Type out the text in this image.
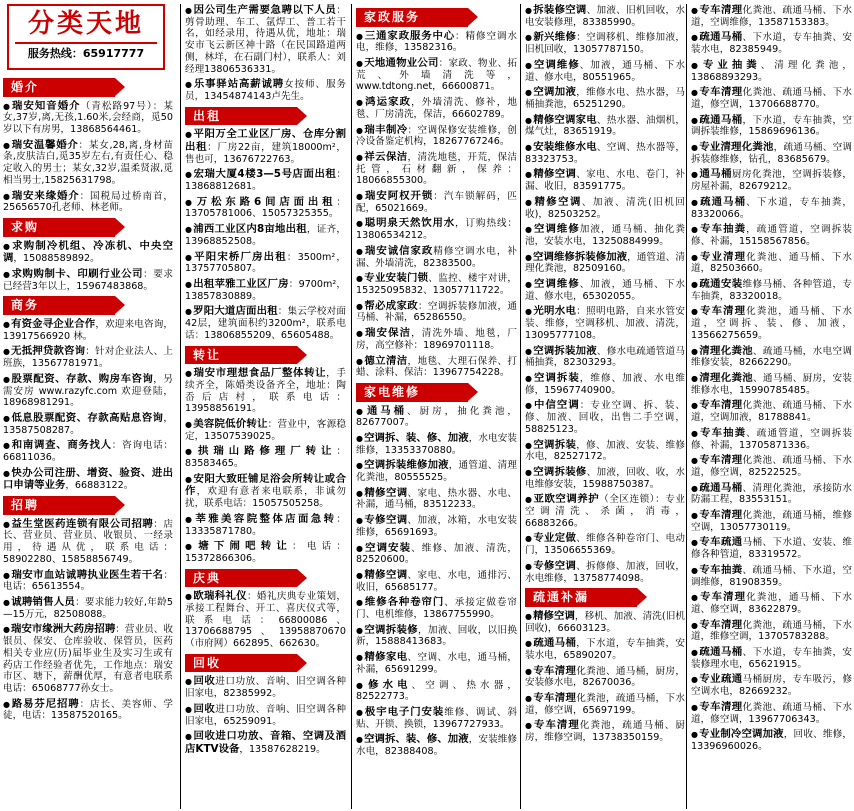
分类天地
服务热线：65917777
婚介
● 瑞安知音婚介（青松路97号）：某女,37岁,离,无孩,1.60米,会经商，觅50岁以下有房男，13868564461。
● 瑞安温馨婚介：某女,28,离,身材苗条,皮肤洁白,觅35岁左右,有责任心、稳定收入的男士；某女,32岁,温柔贤淑,觅相当男士,15825631798。
● 瑞安来缘婚介：国税局过桥南首，25656570孔老师、林老师。
求购
● 求购制冷机组、冷冻机、中央空调，15088589892。
● 求购购制卡、印刷行业公司：要求已经营3年以上，15967483868。
商务
● 有资金寻企业合作，欢迎来电咨询，13917566920 林。
● 无抵押贷款咨询：针对企业法人、上班族，13567781971。
● 股票配资、存款、购房车咨询，另需安房 www.razyfc.com 欢迎登陆，18968981291。
● 低息股票配资、存款高贴息咨询，13587508287。
● 和南调查、商务找人：咨询电话：66811036。
● 快办公司注册、增资、验资、进出口申请等业务，66883122。
招聘
● 益生堂医药连锁有限公司招聘：店长、营业员、营业员、收银员、一经录用，待遇从优，联系电话：58902280、15858856749。
● 瑞安市血站诚聘执业医生若干名：电话：65613554。
● 诚聘销售人员：要求能力较好,年龄5—15万元，82508088。
● 瑞安市缘洲大药房招聘：营业员、收银员、保安、仓库验收、保管员，医药相关专业应(历)届毕业生及实习生或有药店工作经验者优先，工作地点：瑞安市区、塘下，薪酬优厚，有意者电联系电话：65068777孙女士。
● 路易芬尼招聘：店长、美容师、学徒，电话：13587520165。
● 因公司生产需要急聘以下人员：剪骨助理、车工、氩焊工、普工若干名，如经录用，待遇从优，地址：瑞安市飞云新区神十路（在民国路道两侧，林垟，在石副门村），联系人：刘经理13806536331。
● 乐事驿站高薪诚聘女按师、服务员，13454874143卢先生。
出租
● 平阳万全工业区厂房、仓库分割出租：厂房22亩，建筑18000m²，售也可，13676722763。
● 宏瑞大厦4楼3—5号店面出租：13868812681。
● 万松东路6间店面出租：13705781006、15057325355。
● 浦西工业区内8亩地出租，证齐，13968852508。
● 平阳宋桥厂房出租：3500m²，13757705807。
● 出租苹雅工业区厂房：9700m²，13857830889。
● 罗阳大道店面出租：集云学校对面42层，建筑面积约3200m²，联系电话：13806855209、65605488。
转让
● 瑞安市理想食品厂整体转让，手续齐全，陈婚类设备齐全，地址：陶岙后店村，联系电话：13958856191。
● 美容院低价转让：营业中，客源稳定，13507539025。
● 拱瑞山路修理厂转让：83583465。
● 安阳大致旺铺足浴会所转让或合作，欢迎有意者来电联系，非诚勿扰，联系电话：15057505258。
● 莘雅美容院整体店面急转：13335871780。
● 塘下闹吧转让：电话：15372866306。
庆典
● 欧瑞科礼仪：婚礼庆典专业策划，承接工程舞台、开工、喜庆仪式等，联系电话：66800086、13706688795、13958870670（市府网）662895、662630。
回收
● 回收进口功放、音响、旧空调各种旧家电，82385992。
● 回收进口功放、音响、旧空调各种旧家电，65259091。
● 回收进口功放、音箱、空调及酒店KTV设备，13587628219。
家政服务
● 三通家政服务中心：精修空调水电，维修，13582316。
● 天地通物业公司：家政、物业、拓荒、外墙清洗等，www.tdtong.net，66600871。
● 鸿运家政，外墙清洗、修补，地毯、厂房清洗，保洁，66602789。
● 瑞丰制冷：空调保修安装维修，创冷设备鉴定机构，18267767246。
● 祥云保洁，清洗地毯，开荒，保洁托管，石材翻新，保养：18066855300。
● 瑞安阿权开锁：汽车锁解码，匹配，65021669。
● 聪明泉天然饮用水，订购热线：13806534212。
● 瑞安诚信家政精修空调水电，补漏、外墙清洗，82383500。
● 专业安装门锁、监控、楼宇对讲，15325095832、13057711722。
● 帮必成家政：空调拆装修加液，通马桶、补漏，65286550。
● 瑞安保洁，清洗外墙、地毯，厂房，高空修补：18969701118。
● 德立清洁，地毯、大理石保养、打蜡、涂料、保洁：13967754228。
家电维修
● 通马桶、厨房，抽化粪池，82677007。
● 空调拆、装、修、加液，水电安装维修，13353370880。
● 空调拆装维修加液，通管道、清理化粪池，80555525。
● 精修空调、家电、热水器、水电、补漏，通马桶，83512233。
● 专修空调、加液，冰箱，水电安装维修，65691693。
● 空调安装、维修、加液、清洗，82520600。
● 精修空调、家电、水电，通排污、收旧，65685177。
● 维修各种卷帘门、承接定做卷帘门、电机维修，13867755990。
● 空调拆装修，加液、回收，以旧换新，15888413683。
● 精修家电、空调、水电，通马桶，补漏，65691299。
● 修水电、空调、热水器，82522773。
● 极宇电子门安装维修、调试、斜贴、开锁、换锁，13967727933。
● 空调拆、装、修、加液，安装维修水电，82388408。
● 拆装修空调、加液、旧机回收，水电安装修理，83385990。
● 新兴维修：空调移机、维修加液，旧机回收，13057787150。
● 空调维修、加液，通马桶、下水道、修水电，80551965。
● 空调加液，维修水电、热水器，马桶抽粪池，65251290。
● 精修空调家电、热水器、油烟机，煤气灶，83651919。
● 安装维修水电、空调、热水器等，83323753。
● 精修空调、家电、水电、卷门，补漏、收旧，83591775。
● 精修空调、加液、清洗(旧机回收)，82503252。
● 空调维修加液，通马桶、抽化粪池，安装水电，13250884999。
● 空调维修拆装修加液，通管道、清理化粪池，82509160。
● 空调维修、加液，通马桶、下水道、修水电，65302055。
● 光明水电：照明电路，自来水管安装、维修，空调移机、加液、清洗，13095777108。
● 空调拆装加液、修水电疏通管道马桶抽粪，82303293。
● 空调拆装，维修、加液、水电维修，15967740900。
● 中信空调：专业空调、拆、装、修、加液、回收，出售二手空调，58825123。
● 空调拆装，修、加液、安装、维修水电，82527172。
● 空调拆装修、加液，回收、收，水电维修安装，15988750387。
● 亚欧空调养护（全区连锁）：专业空调清洗、杀菌，消毒，66883266。
● 专业定做、维修各种卷帘门、电动门，13506655369。
● 专修空调、拆修修、加液，回收，水电维修，13758774098。
疏通补漏
● 精修空调，移机、加液、清洗(旧机回收)，66603123。
● 疏通马桶，下水道，专车抽粪，安装水电，65890207。
● 专车清理化粪池、通马桶，厨房，安装修水电，82670036。
● 专车清理化粪池，疏通马桶，下水道，修空调，65697199。
● 专车清理化粪池，疏通马桶、厨房，维修空调，13738350159。
● 专车清理化粪池、疏通马桶、下水道，空调维修，13587153383。
● 疏通马桶、下水道，专车抽粪、安装水电，82385949。
● 专业抽粪、清理化粪池，13868893293。
● 专车清理化粪池、疏通马桶、下水道，修空调，13706688770。
● 疏通马桶，下水道，专车抽粪，空调拆装维修，15869696136。
● 专业清理化粪池，疏通马桶、空调拆装修维修，钻孔，83685679。
● 通马桶厨房化粪池，空调拆装修，房屋补漏，82679212。
● 疏通马桶、下水道，专车抽粪，83320066。
● 专车抽粪，疏通管道，空调拆装修、补漏，15158567856。
● 专业清理化粪池、通马桶、下水道，82503660。
● 疏通安装维修马桶、各种管道，专车抽粪，83320018。
● 专车清理化粪池，通马桶、下水道，空调拆、装、修、加液，13566275659。
● 清理化粪池、疏通马桶，水电空调维修安装，82662290。
● 清理化粪池、通马桶、厨房，安装维修水电，15990785485。
● 专车清理化粪池、疏通马桶、下水道，空调加液，81788841。
● 专车抽粪、疏通管道，空调拆装修、补漏，13705871336。
● 专车清理化粪池、疏通马桶、下水道，修空调，82522525。
● 疏通马桶、清理化粪池，承接防水防漏工程，83553151。
● 专车清理化粪池，疏通马桶，维修空调，13057730119。
● 专车疏通马桶、下水道、安装、维修各种管道，83319572。
● 专车抽粪、疏通马桶、下水道，空调维修，81908359。
● 专车清理化粪池，通马桶、下水道、修空调，83622879。
● 专车清理化粪池，疏通马桶，下水道，维修空调，13705783288。
● 疏通马桶、下水道，专车抽粪，安装修理水电，65621915。
● 专业疏通马桶厨房，专车吸污，修空调水电，82669232。
● 专车清理化粪池、疏通马桶、下水道，修空调，13967706343。
● 专业制冷空调加液，回收、维修，13396960026。
